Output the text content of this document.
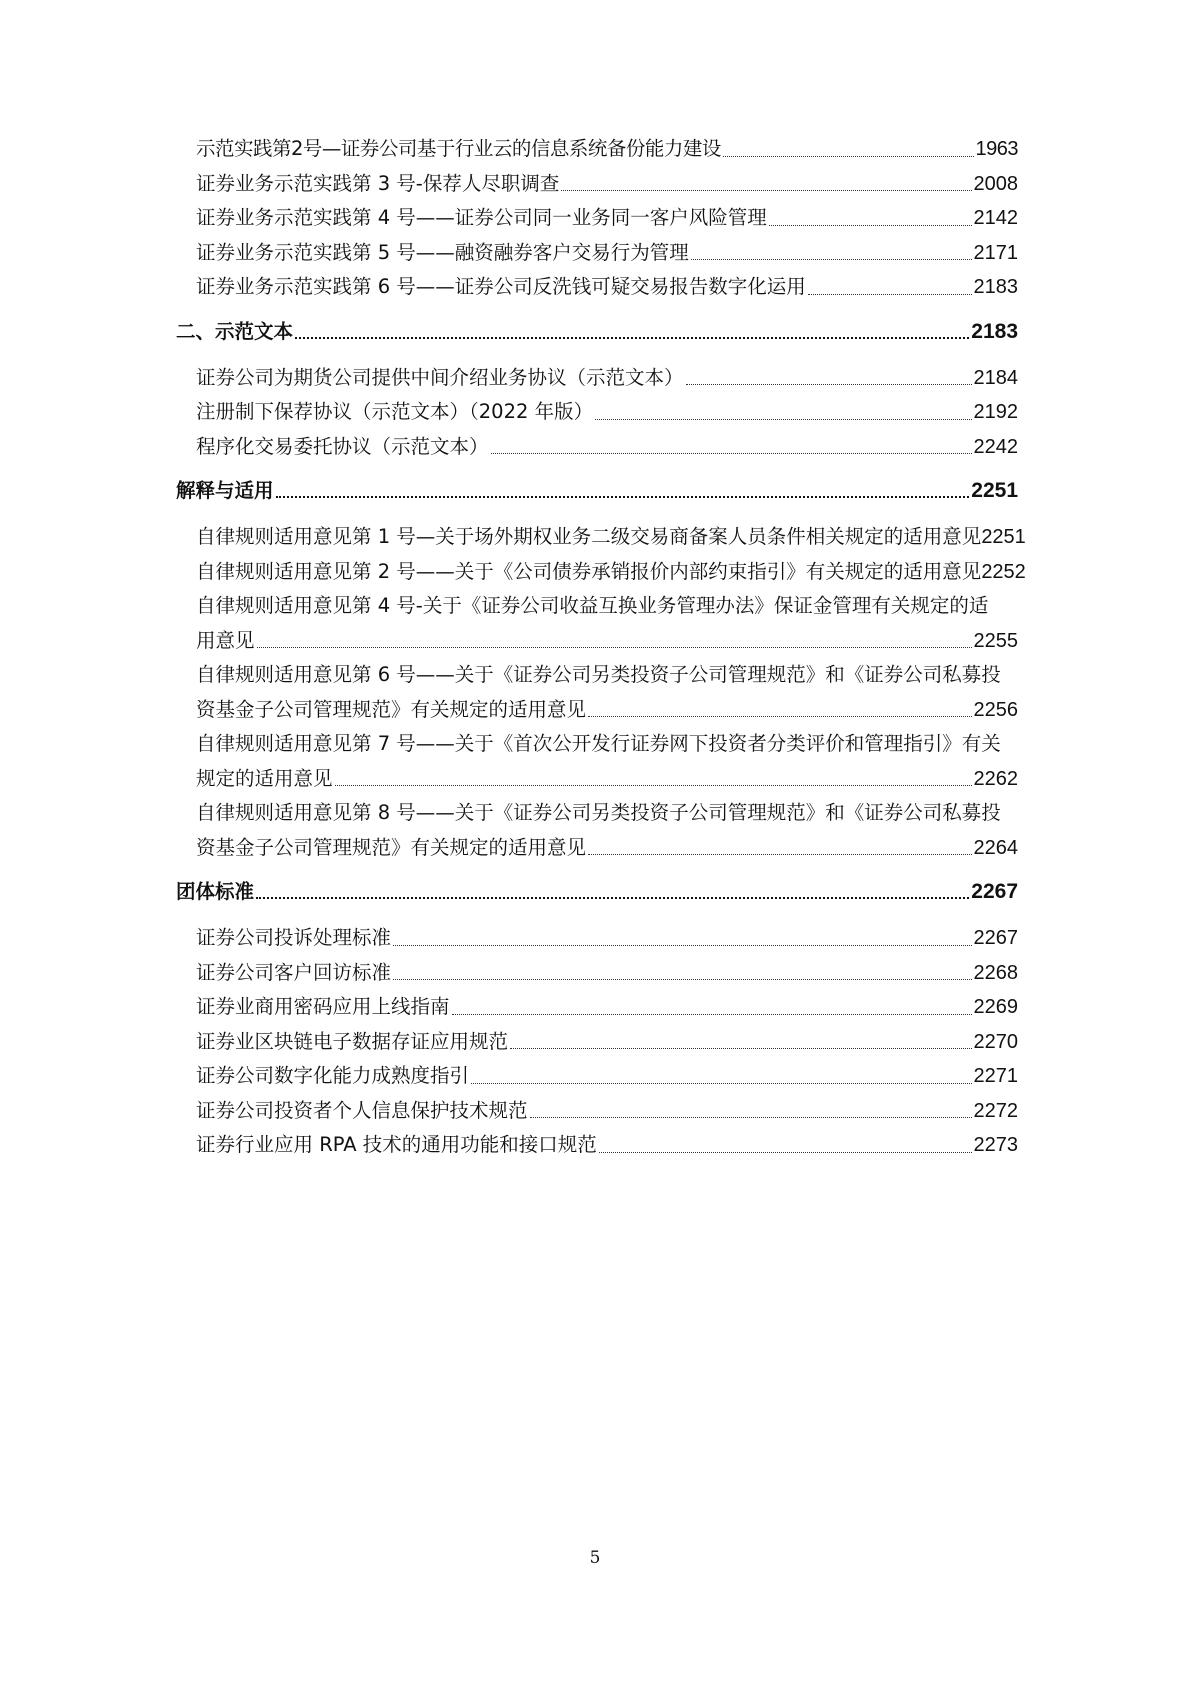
示范实践第2号—证券公司基于行业云的信息系统备份能力建设	1963
证券业务示范实践第 3 号-保荐人尽职调查	2008
证券业务示范实践第 4 号——证券公司同一业务同一客户风险管理	2142
证券业务示范实践第 5 号——融资融券客户交易行为管理	2171
证券业务示范实践第 6 号——证券公司反洗钱可疑交易报告数字化运用	2183
二、示范文本	2183
证券公司为期货公司提供中间介绍业务协议（示范文本）	2184
注册制下保荐协议（示范文本）（2022 年版）	2192
程序化交易委托协议（示范文本）	2242
解释与适用	2251
自律规则适用意见第 1 号—关于场外期权业务二级交易商备案人员条件相关规定的适用意见 2251
自律规则适用意见第 2 号——关于《公司债券承销报价内部约束指引》有关规定的适用意见 2252
自律规则适用意见第 4 号-关于《证券公司收益互换业务管理办法》保证金管理有关规定的适
用意见	2255
自律规则适用意见第 6 号——关于《证券公司另类投资子公司管理规范》和《证券公司私募投
资基金子公司管理规范》有关规定的适用意见	2256
自律规则适用意见第 7 号——关于《首次公开发行证券网下投资者分类评价和管理指引》有关
规定的适用意见	2262
自律规则适用意见第 8 号——关于《证券公司另类投资子公司管理规范》和《证券公司私募投
资基金子公司管理规范》有关规定的适用意见	2264
团体标准	2267
证券公司投诉处理标准	2267
证券公司客户回访标准	2268
证券业商用密码应用上线指南	2269
证券业区块链电子数据存证应用规范	2270
证券公司数字化能力成熟度指引	2271
证券公司投资者个人信息保护技术规范	2272
证券行业应用 RPA 技术的通用功能和接口规范	2273
5
